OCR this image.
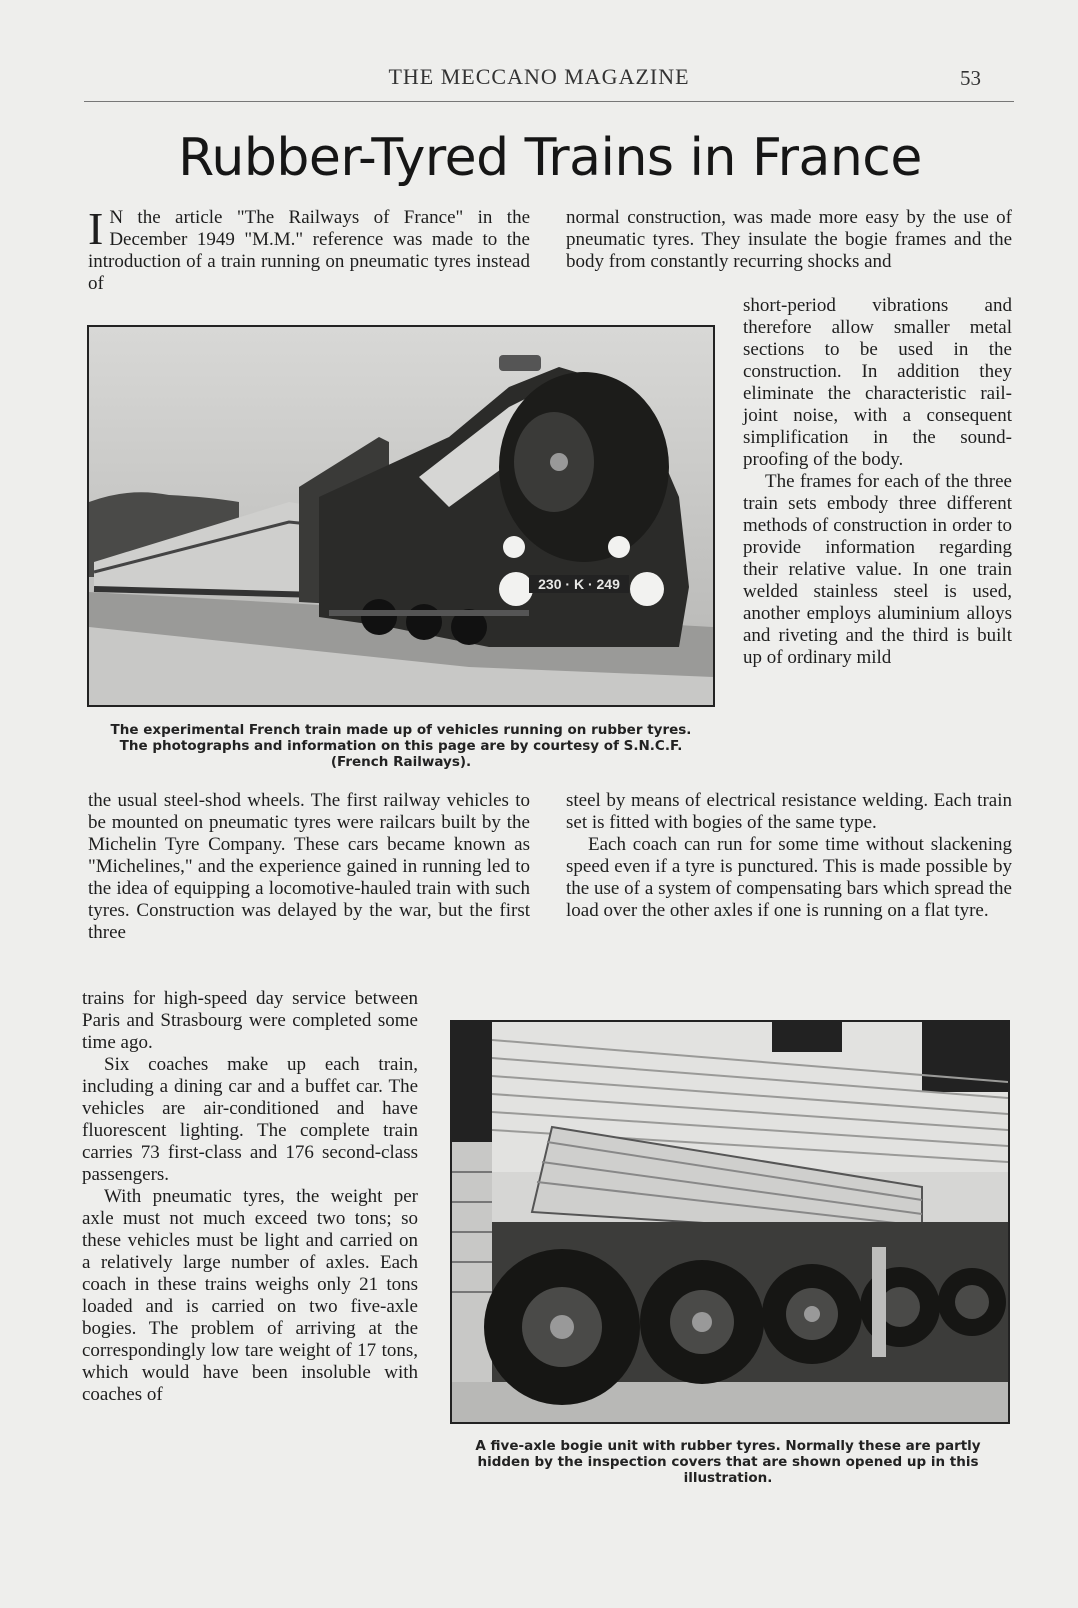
THE MECCANO MAGAZINE	53
Rubber-Tyred Trains in France

I N the article "The Railways of France" in the December 1949 "M.M." reference was made to the introduction of a train running on pneumatic tyres instead of

normal construction, was made more easy by the use of pneumatic tyres. They insulate the bogie frames and the body from constantly recurring shocks and

short-period vibrations and therefore allow smaller metal sections to be used in the construction. In addition they eliminate the characteristic rail-joint noise, with a consequent simplification in the sound-proofing of the body.

The frames for each of the three train sets embody three different methods of construction in order to provide information regarding their relative value. In one train welded stainless steel is used, another employs aluminium alloys and riveting and the third is built up of ordinary mild

230 · K · 249

The experimental French train made up of vehicles running on rubber tyres.

The photographs and information on this page are by courtesy of S.N.C.F.

(French Railways).

the usual steel-shod wheels. The first railway vehicles to be mounted on pneumatic tyres were railcars built by the Michelin Tyre Company. These cars became known as "Michelines," and the experience gained in running led to the idea of equipping a locomotive-hauled train with such tyres. Construction was delayed by the war, but the first three

steel by means of electrical resistance welding. Each train set is fitted with bogies of the same type.

Each coach can run for some time without slackening speed even if a tyre is punctured. This is made possible by the use of a system of compensating bars which spread the load over the other axles if one is running on a flat tyre.

trains for high-speed day service between Paris and Strasbourg were completed some time ago.

Six coaches make up each train, including a dining car and a buffet car. The vehicles are air-conditioned and have fluorescent lighting. The complete train carries 73 first-class and 176 second-class passengers.

With pneumatic tyres, the weight per axle must not much exceed two tons; so these vehicles must be light and carried on a relatively large number of axles. Each coach in these trains weighs only 21 tons loaded and is carried on two five-axle bogies. The problem of arriving at the correspondingly low tare weight of 17 tons, which would have been insoluble with coaches of

A five-axle bogie unit with rubber tyres. Normally these are partly

hidden by the inspection covers that are shown opened up in this

illustration.
